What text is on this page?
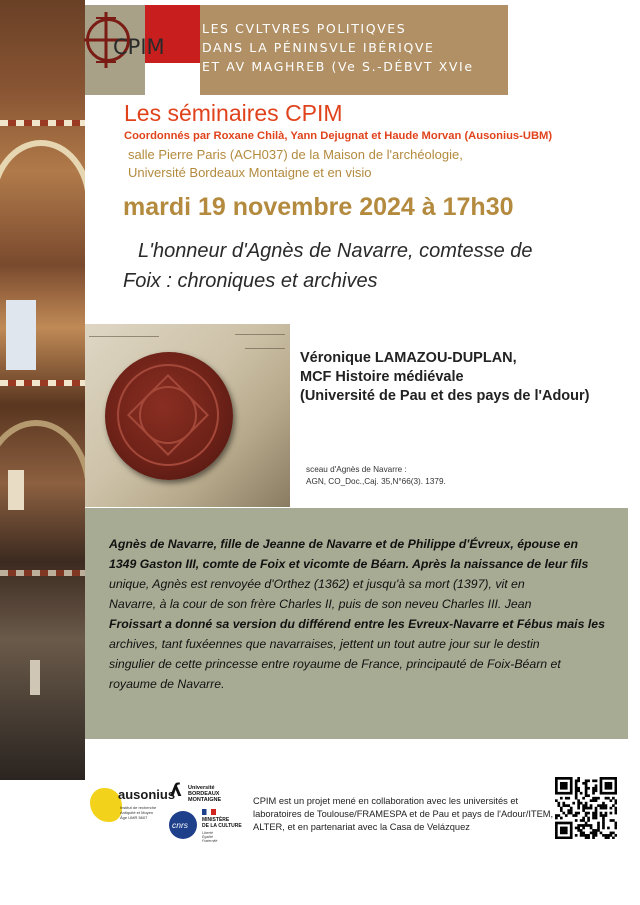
CPIM
LES CVLTVRES POLITIQVES
DANS LA PÉNINSVLE IBÉRIQVE
ET AV MAGHREB (Ve S.-DÉBVT XVIe
Les séminaires CPIM
Coordonnés par Roxane Chilà, Yann Dejugnat et Haude Morvan (Ausonius-UBM)
salle Pierre Paris (ACH037) de la Maison de l'archéologie,
Université Bordeaux Montaigne et en visio
mardi 19 novembre 2024 à 17h30
L'honneur d'Agnès de Navarre, comtesse de
Foix : chroniques et archives
Véronique LAMAZOU-DUPLAN,
MCF Histoire médiévale
(Université de Pau et des pays de l'Adour)
sceau d'Agnès de Navarre :
AGN, CO_Doc.,Caj. 35,N°66(3). 1379.
Agnès de Navarre, fille de Jeanne de Navarre et de Philippe d'Évreux, épouse en
1349 Gaston III, comte de Foix et vicomte de Béarn. Après la naissance de leur fils
unique, Agnès est renvoyée d'Orthez (1362) et jusqu'à sa mort (1397), vit en
Navarre, à la cour de son frère Charles II, puis de son neveu Charles III. Jean
Froissart a donné sa version du différend entre les Evreux-Navarre et Fébus mais les
archives, tant fuxéennes que navarraises, jettent un tout autre jour sur le destin
singulier de cette princesse entre royaume de France, principauté de Foix-Béarn et
royaume de Navarre.
ausonius
Institut de recherche Antiquité et Moyen Âge UMR 5607
ʎ	Université
BORDEAUX
MONTAIGNE
cnrs	MINISTÈRE
DE LA CULTURE
Liberté
Égalité
Fraternité
CPIM est un projet mené en collaboration avec les universités et
laboratoires de Toulouse/FRAMESPA et de Pau et pays de l'Adour/ITEM,
ALTER, et en partenariat avec la Casa de Velázquez
